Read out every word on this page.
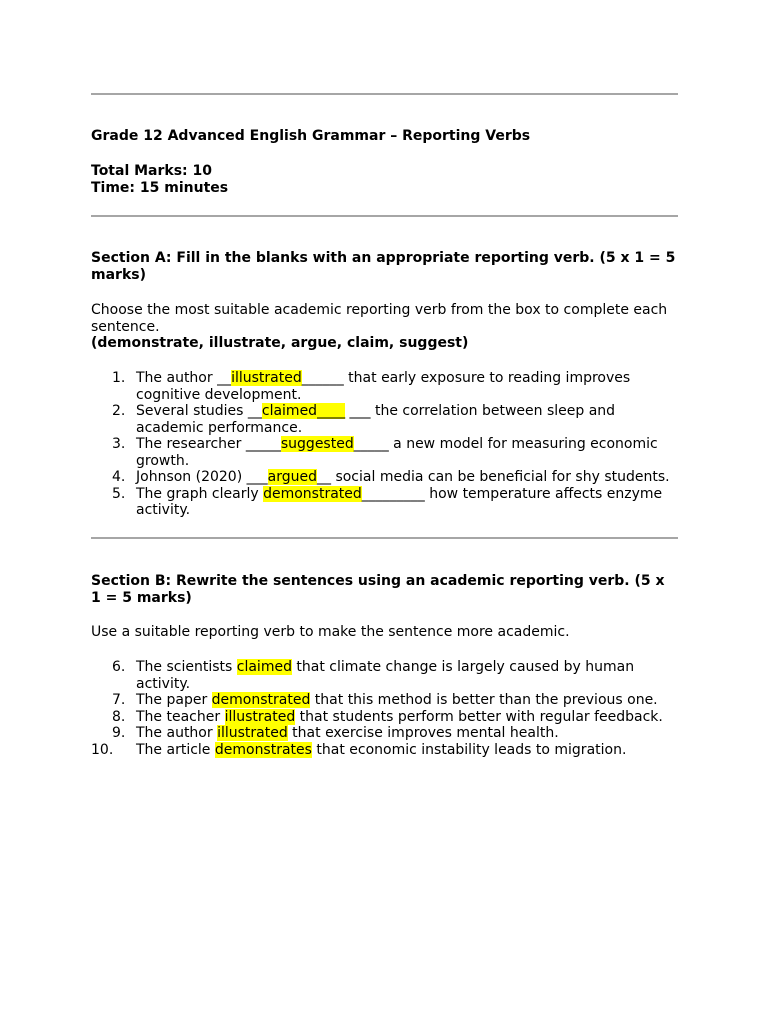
Grade 12 Advanced English Grammar – Reporting Verbs
Total Marks: 10
Time: 15 minutes
Section A: Fill in the blanks with an appropriate reporting verb. (5 x 1 = 5 marks)
Choose the most suitable academic reporting verb from the box to complete each sentence.
(demonstrate, illustrate, argue, claim, suggest)
1. The author __illustrated______ that early exposure to reading improves cognitive development.
2. Several studies __claimed____ ___ the correlation between sleep and academic performance.
3. The researcher _____suggested_____ a new model for measuring economic growth.
4. Johnson (2020) ___argued__ social media can be beneficial for shy students.
5. The graph clearly demonstrated_________ how temperature affects enzyme activity.
Section B: Rewrite the sentences using an academic reporting verb. (5 x 1 = 5 marks)
Use a suitable reporting verb to make the sentence more academic.
6. The scientists claimed that climate change is largely caused by human activity.
7. The paper demonstrated that this method is better than the previous one.
8. The teacher illustrated that students perform better with regular feedback.
9. The author illustrated that exercise improves mental health.
10. The article demonstrates that economic instability leads to migration.
